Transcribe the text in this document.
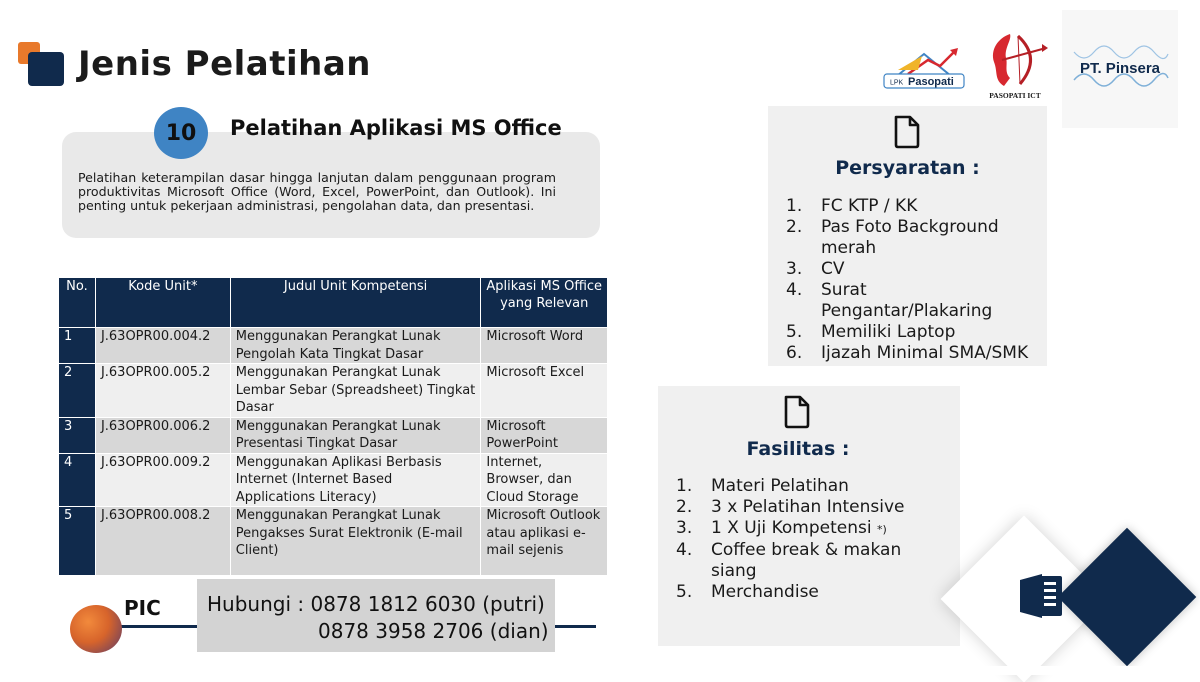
Jenis Pelatihan	LPK Pasopati
PASOPATI ICT
PT. Pinsera
10	Pelatihan Aplikasi MS Office
Pelatihan keterampilan dasar hingga lanjutan dalam penggunaan program produktivitas Microsoft Office (Word, Excel, PowerPoint, dan Outlook). Ini penting untuk pekerjaan administrasi, pengolahan data, dan presentasi.
No.	Kode Unit*	Judul Unit Kompetensi	Aplikasi MS Office yang Relevan
1	J.63OPR00.004.2	Menggunakan Perangkat Lunak Pengolah Kata Tingkat Dasar	Microsoft Word
2	J.63OPR00.005.2	Menggunakan Perangkat Lunak Lembar Sebar (Spreadsheet) Tingkat Dasar	Microsoft Excel
3	J.63OPR00.006.2	Menggunakan Perangkat Lunak Presentasi Tingkat Dasar	Microsoft PowerPoint
4	J.63OPR00.009.2	Menggunakan Aplikasi Berbasis Internet (Internet Based Applications Literacy)	Internet, Browser, dan Cloud Storage
5	J.63OPR00.008.2	Menggunakan Perangkat Lunak Pengakses Surat Elektronik (E-mail Client)	Microsoft Outlook atau aplikasi e-mail sejenis
PIC Hubungi : 0878 1812 6030 (putri)
0878 3958 2706 (dian)
Persyaratan :
1.	FC KTP / KK
2.	Pas Foto Background merah
3.	CV
4.	Surat Pengantar/Plakaring
5.	Memiliki Laptop
6.	Ijazah Minimal SMA/SMK
Fasilitas :
1.	Materi Pelatihan
2.	3 x Pelatihan Intensive
3.	1 X Uji Kompetensi *)
4.	Coffee break & makan siang
5.	Merchandise
